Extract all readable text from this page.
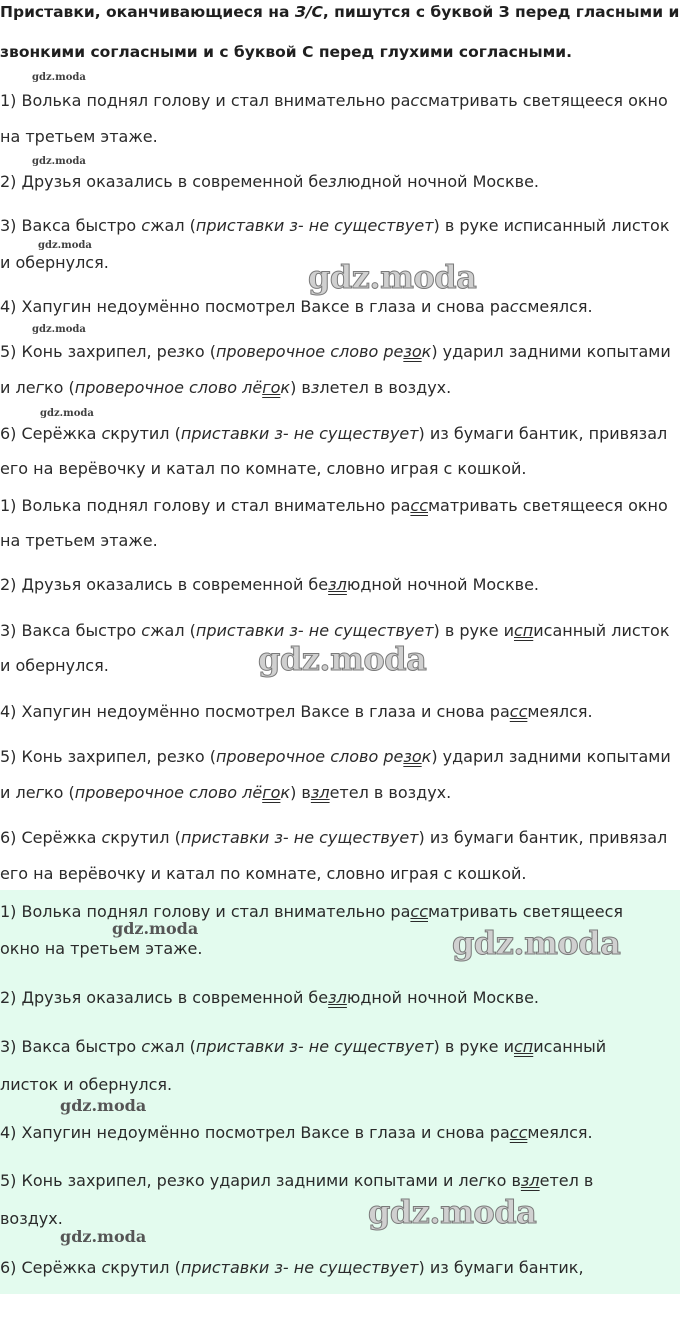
Приставки, оканчивающиеся на З/С, пишутся с буквой З перед гласными и
звонкими согласными и с буквой С перед глухими согласными.
gdz.moda

1) Волька поднял голову и стал внимательно рассматривать светящееся окно

на третьем этаже.

gdz.moda

2) Друзья оказались в современной безлюдной ночной Москве.

3) Вакса быстро сжал (приставки з- не существует) в руке исписанный листок

gdz.moda

и обернулся.	gdz.moda

4) Хапугин недоумённо посмотрел Ваксе в глаза и снова рассмеялся.

gdz.moda

5) Конь захрипел, резко (проверочное слово резок) ударил задними копытами

и легко (проверочное слово лёгок) взлетел в воздух.

gdz.moda

6) Серёжка скрутил (приставки з- не существует) из бумаги бантик, привязал

его на верёвочку и катал по комнате, словно играя с кошкой.

1) Волька поднял голову и стал внимательно рассматривать светящееся окно

на третьем этаже.

2) Друзья оказались в современной безлюдной ночной Москве.

3) Вакса быстро сжал (приставки з- не существует) в руке исписанный листок

и обернулся.	gdz.moda

4) Хапугин недоумённо посмотрел Ваксе в глаза и снова рассмеялся.

5) Конь захрипел, резко (проверочное слово резок) ударил задними копытами

и легко (проверочное слово лёгок) взлетел в воздух.

6) Серёжка скрутил (приставки з- не существует) из бумаги бантик, привязал

его на верёвочку и катал по комнате, словно играя с кошкой.

1) Волька поднял голову и стал внимательно рассматривать светящееся

gdz.moda

окно на третьем этаже.	gdz.moda

2) Друзья оказались в современной безлюдной ночной Москве.

3) Вакса быстро сжал (приставки з- не существует) в руке исписанный

листок и обернулся.

gdz.moda

4) Хапугин недоумённо посмотрел Ваксе в глаза и снова рассмеялся.

5) Конь захрипел, резко ударил задними копытами и легко взлетел в

воздух.	gdz.moda
gdz.moda

6) Серёжка скрутил (приставки з- не существует) из бумаги бантик,
